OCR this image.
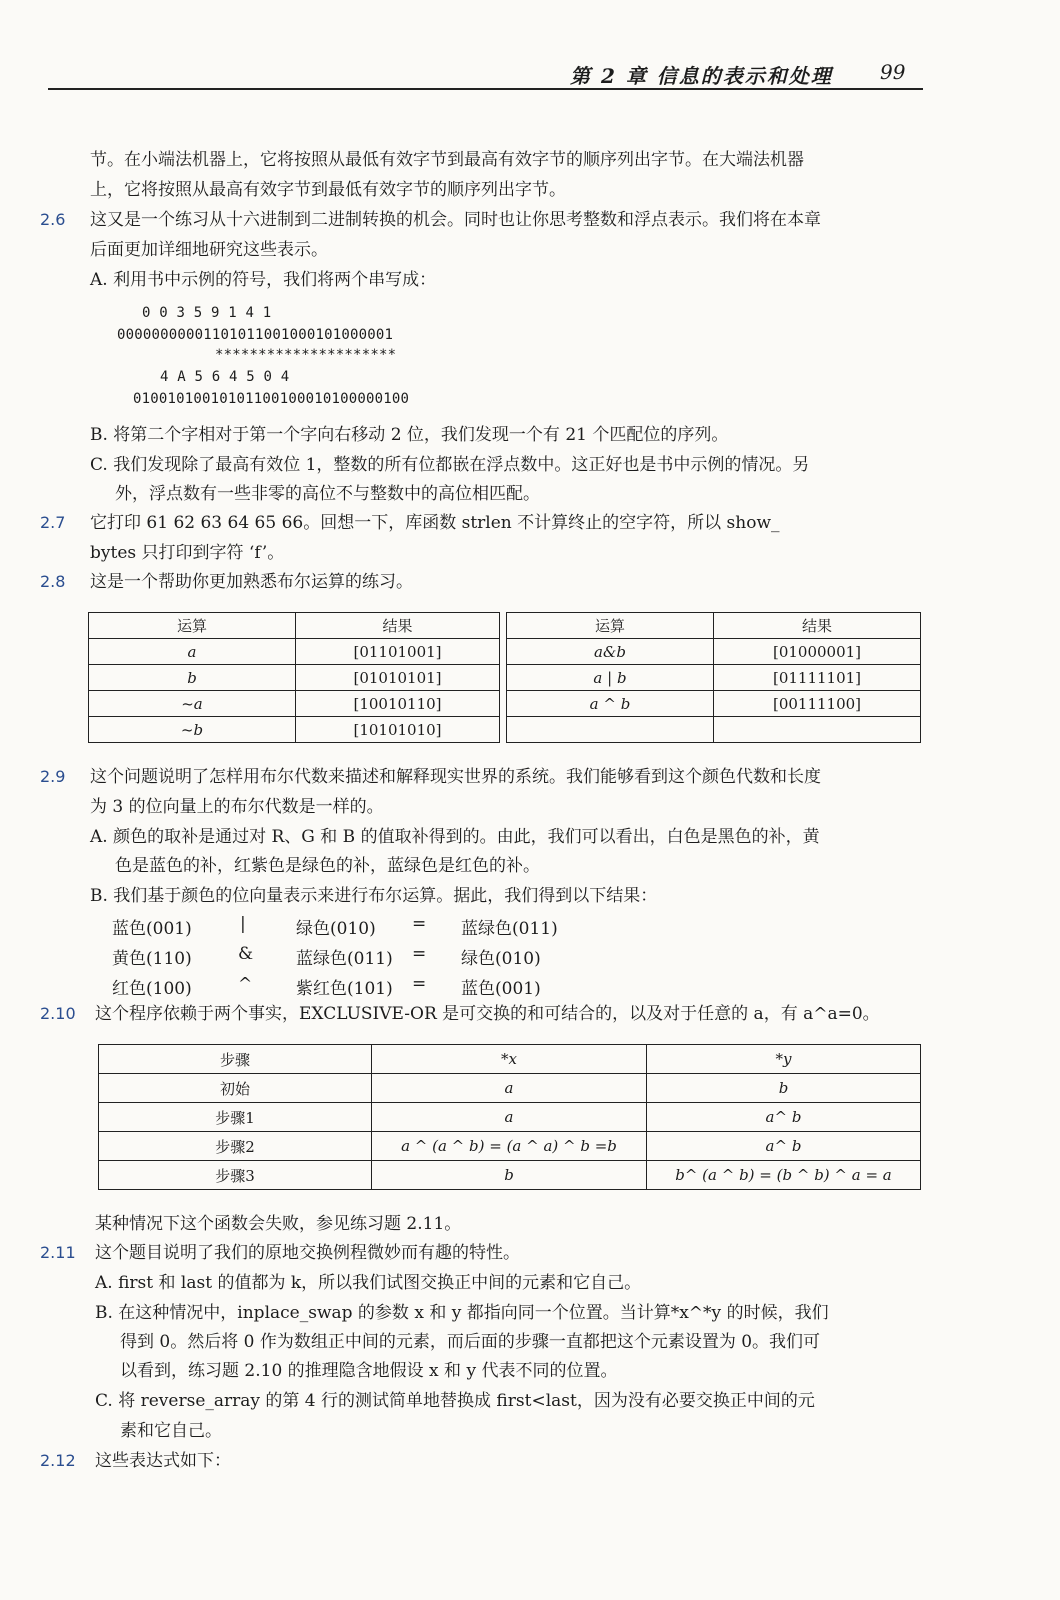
第 2 章 信息的表示和处理 99
节。在小端法机器上，它将按照从最低有效字节到最高有效字节的顺序列出字节。在大端法机器
上，它将按照从最高有效字节到最低有效字节的顺序列出字节。
2.6 这又是一个练习从十六进制到二进制转换的机会。同时也让你思考整数和浮点表示。我们将在本章
后面更加详细地研究这些表示。
A. 利用书中示例的符号，我们将两个串写成：
0 0 3 5 9 1 4 1
00000000001101011001000101000001
*********************
4 A 5 6 4 5 0 4
01001010010101100100010100000100
B. 将第二个字相对于第一个字向右移动 2 位，我们发现一个有 21 个匹配位的序列。
C. 我们发现除了最高有效位 1，整数的所有位都嵌在浮点数中。这正好也是书中示例的情况。另
外，浮点数有一些非零的高位不与整数中的高位相匹配。
2.7 它打印 61 62 63 64 65 66。回想一下，库函数 strlen 不计算终止的空字符，所以 show_
bytes 只打印到字符 ‘f’。
2.8 这是一个帮助你更加熟悉布尔运算的练习。
运算	结果
a	[01101001]
b	[01010101]
~a	[10010110]
~b	[10101010]
运算	结果
a&b	[01000001]
a | b	[01111101]
a ^ b	[00111100]

2.9 这个问题说明了怎样用布尔代数来描述和解释现实世界的系统。我们能够看到这个颜色代数和长度
为 3 的位向量上的布尔代数是一样的。
A. 颜色的取补是通过对 R、G 和 B 的值取补得到的。由此，我们可以看出，白色是黑色的补，黄
色是蓝色的补，红紫色是绿色的补，蓝绿色是红色的补。
B. 我们基于颜色的位向量表示来进行布尔运算。据此，我们得到以下结果：
蓝色(001)	|	绿色(010) = 蓝绿色(011)
黄色(110)	&	蓝绿色(011) = 绿色(010)
红色(100)	^	紫红色(101) = 蓝色(001)
2.10 这个程序依赖于两个事实，EXCLUSIVE-OR 是可交换的和可结合的，以及对于任意的 a，有 a^a=0。
步骤	*x	*y
初始	a	b
步骤1	a	a^ b
步骤2	a ^ (a ^ b) = (a ^ a) ^ b =b	a^ b
步骤3	b	b^ (a ^ b) = (b ^ b) ^ a = a
某种情况下这个函数会失败，参见练习题 2.11。
2.11 这个题目说明了我们的原地交换例程微妙而有趣的特性。
A. first 和 last 的值都为 k，所以我们试图交换正中间的元素和它自己。
B. 在这种情况中，inplace_swap 的参数 x 和 y 都指向同一个位置。当计算*x^*y 的时候，我们
得到 0。然后将 0 作为数组正中间的元素，而后面的步骤一直都把这个元素设置为 0。我们可
以看到，练习题 2.10 的推理隐含地假设 x 和 y 代表不同的位置。
C. 将 reverse_array 的第 4 行的测试简单地替换成 first<last，因为没有必要交换正中间的元
素和它自己。
2.12 这些表达式如下：
